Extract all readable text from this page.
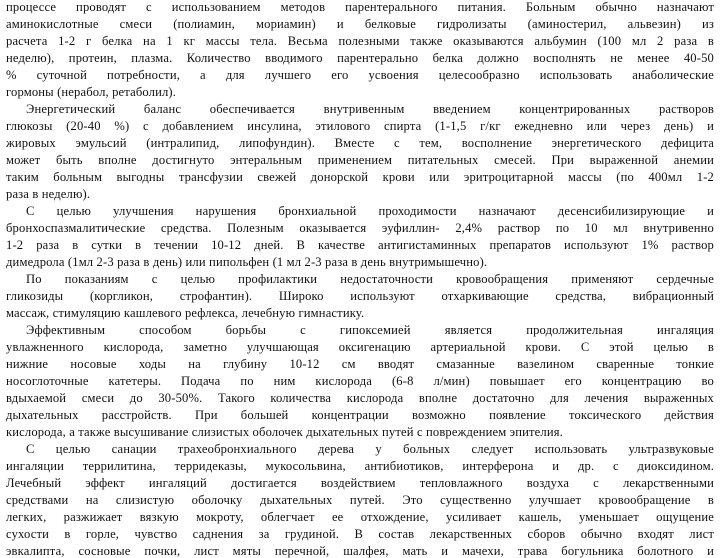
процессе проводят с использованием методов парентерального питания. Больным обычно назначают

аминокислотные смеси (полиамин, мориамин) и белковые гидролизаты (аминостерил, альвезин) из

расчета 1-2 г белка на 1 кг массы тела. Весьма полезными также оказываются альбумин (100 мл 2 раза в

неделю), протеин, плазма. Количество вводимого парентерально белка должно восполнять не менее 40-50

% суточной потребности, а для лучшего его усвоения целесообразно использовать анаболические

гормоны (нерабол, ретаболил).

Энергетический баланс обеспечивается внутривенным введением концентрированных растворов

глюкозы (20-40 %) с добавлением инсулина, этилового спирта (1-1,5 г/кг ежедневно или через день) и

жировых эмульсий (интралипид, липофундин). Вместе с тем, восполнение энергетического дефицита

может быть вполне достигнуто энтеральным применением питательных смесей. При выраженной анемии

таким больным выгодны трансфузии свежей донорской крови или эритроцитарной массы (по 400мл 1-2

раза в неделю).

С целью улучшения нарушения бронхиальной проходимости назначают десенсибилизирующие и

бронхоспазмалитические средства. Полезным оказывается эуфиллин- 2,4% раствор по 10 мл внутривенно

1-2 раза в сутки в течении 10-12 дней. В качестве антигистаминных препаратов используют 1% раствор

димедрола (1мл 2-3 раза в день) или пипольфен (1 мл 2-3 раза в день внутримышечно).

По показаниям с целью профилактики недостаточности кровообращения применяют сердечные

гликозиды (коргликон, строфантин). Широко используют отхаркивающие средства, вибрационный

массаж, стимуляцию кашлевого рефлекса, лечебную гимнастику.

Эффективным способом борьбы с гипоксемией является продолжительная ингаляция

увлажненного кислорода, заметно улучшающая оксигенацию артериальной крови. С этой целью в

нижние носовые ходы на глубину 10-12 см вводят смазанные вазелином сваренные тонкие

носоглоточные катетеры. Подача по ним кислорода (6-8 л/мин) повышает его концентрацию во

вдыхаемой смеси до 30-50%. Такого количества кислорода вполне достаточно для лечения выраженных

дыхательных расстройств. При большей концентрации возможно появление токсического действия

кислорода, а также высушивание слизистых оболочек дыхательных путей с повреждением эпителия.

С целью санации трахеобронхиального дерева у больных следует использовать ультразвуковые

ингаляции террилитина, терридеказы, мукосольвина, антибиотиков, интерферона и др. с диоксидином.

Лечебный эффект ингаляций достигается воздействием тепловлажного воздуха с лекарственными

средствами на слизистую оболочку дыхательных путей. Это существенно улучшает кровообращение в

легких, разжижает вязкую мокроту, облегчает ее отхождение, усиливает кашель, уменьшает ощущение

сухости в горле, чувство саднения за грудиной. В состав лекарственных сборов обычно входят лист

эвкалипта, сосновые почки, лист мяты перечной, шалфея, мать и мачехи, трава богульника болотного и
